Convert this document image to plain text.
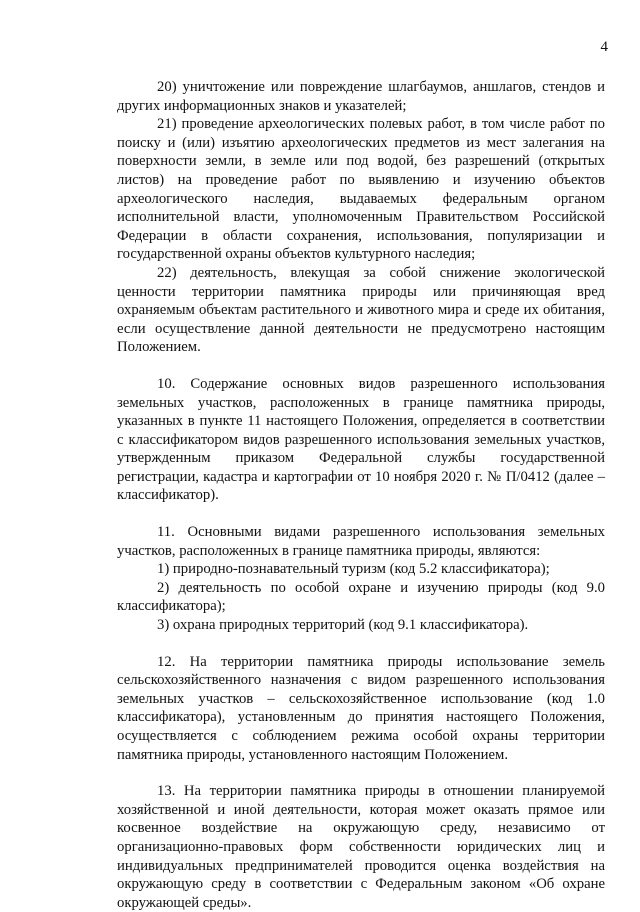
4

20) уничтожение или повреждение шлагбаумов, аншлагов, стендов и других информационных знаков и указателей;

21) проведение археологических полевых работ, в том числе работ по поиску и (или) изъятию археологических предметов из мест залегания на поверхности земли, в земле или под водой, без разрешений (открытых листов) на проведение работ по выявлению и изучению объектов археологического наследия, выдаваемых федеральным органом исполнительной власти, уполномоченным Правительством Российской Федерации в области сохранения, использования, популяризации и государственной охраны объектов культурного наследия;

22) деятельность, влекущая за собой снижение экологической ценности территории памятника природы или причиняющая вред охраняемым объектам растительного и животного мира и среде их обитания, если осуществление данной деятельности не предусмотрено настоящим Положением.

10. Содержание основных видов разрешенного использования земельных участков, расположенных в границе памятника природы, указанных в пункте 11 настоящего Положения, определяется в соответствии с классификатором видов разрешенного использования земельных участков, утвержденным приказом Федеральной службы государственной регистрации, кадастра и картографии от 10 ноября 2020 г. № П/0412 (далее – классификатор).

11. Основными видами разрешенного использования земельных участков, расположенных в границе памятника природы, являются:

1) природно-познавательный туризм (код 5.2 классификатора);

2) деятельность по особой охране и изучению природы (код 9.0 классификатора);

3) охрана природных территорий (код 9.1 классификатора).

12. На территории памятника природы использование земель сельскохозяйственного назначения с видом разрешенного использования земельных участков – сельскохозяйственное использование (код 1.0 классификатора), установленным до принятия настоящего Положения, осуществляется с соблюдением режима особой охраны территории памятника природы, установленного настоящим Положением.

13. На территории памятника природы в отношении планируемой хозяйственной и иной деятельности, которая может оказать прямое или косвенное воздействие на окружающую среду, независимо от организационно-правовых форм собственности юридических лиц и индивидуальных предпринимателей проводится оценка воздействия на окружающую среду в соответствии с Федеральным законом «Об охране окружающей среды».
